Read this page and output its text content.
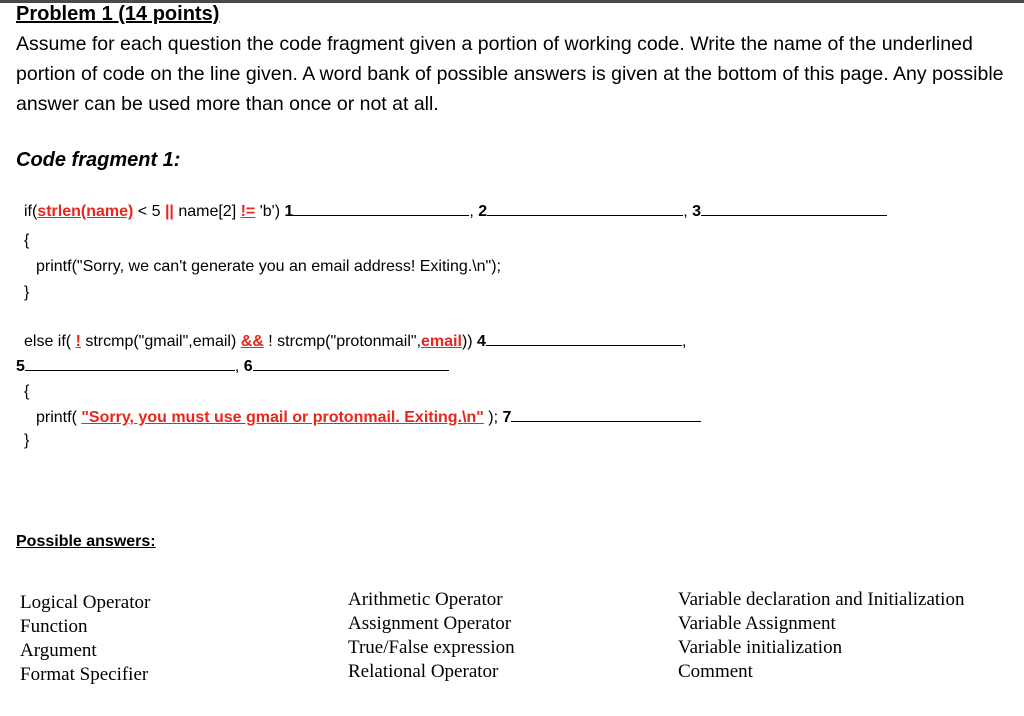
Problem 1 (14 points)
Assume for each question the code fragment given a portion of working code. Write the name of the underlined portion of code on the line given. A word bank of possible answers is given at the bottom of this page. Any possible answer can be used more than once or not at all.
Code fragment 1:
if(strlen(name) < 5 || name[2] != 'b') 1	, 2	, 3
{
printf("Sorry, we can't generate you an email address! Exiting.\n");
}
else if( ! strcmp("gmail",email) && ! strcmp("protonmail",email)) 4	,
5	, 6
{
printf( "Sorry, you must use gmail or protonmail. Exiting.\n" ); 7
}
Possible answers:
Logical Operator
Function
Argument
Format Specifier
Arithmetic Operator
Assignment Operator
True/False expression
Relational Operator
Variable declaration and Initialization
Variable Assignment
Variable initialization
Comment
